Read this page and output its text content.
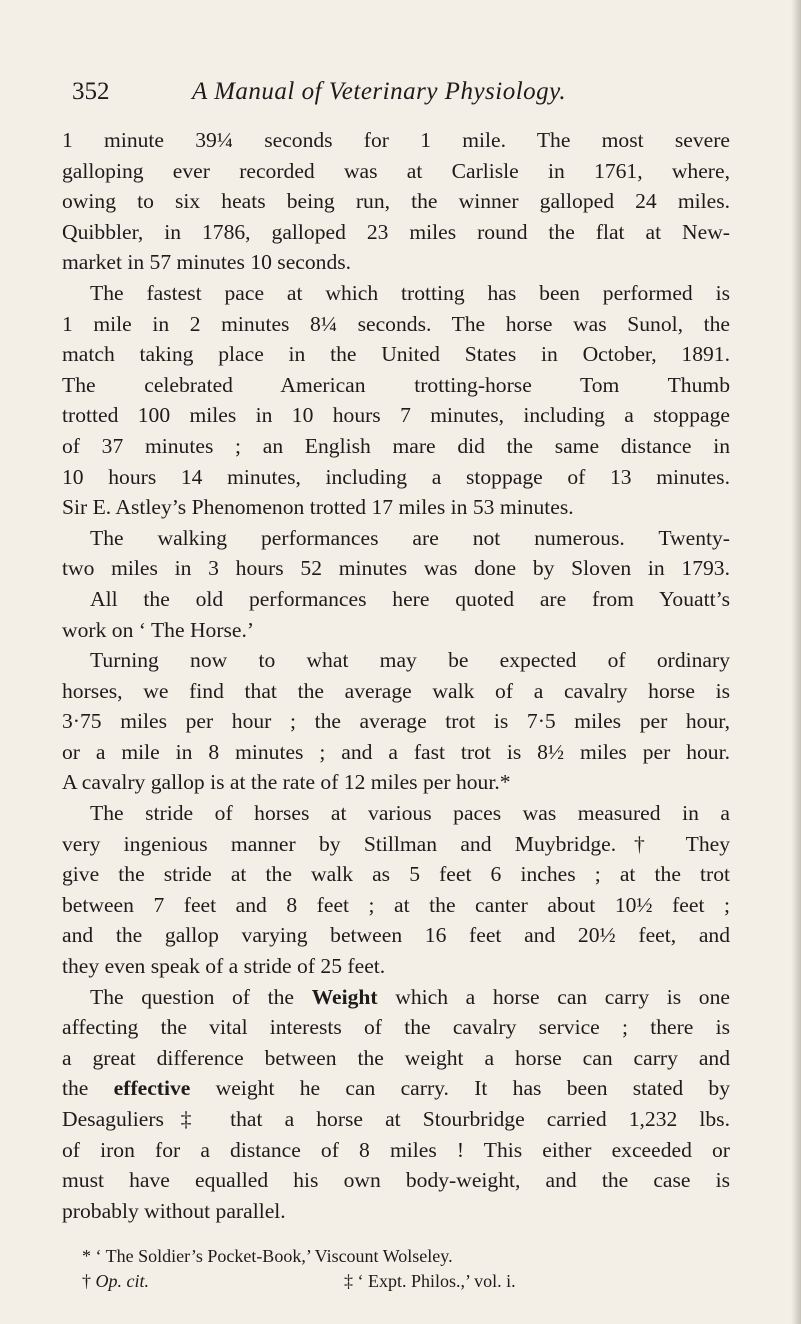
352	A Manual of Veterinary Physiology.
1 minute 39¼ seconds for 1 mile. The most severe
galloping ever recorded was at Carlisle in 1761, where,
owing to six heats being run, the winner galloped 24 miles.
Quibbler, in 1786, galloped 23 miles round the flat at New-
market in 57 minutes 10 seconds.
The fastest pace at which trotting has been performed is
1 mile in 2 minutes 8¼ seconds. The horse was Sunol, the
match taking place in the United States in October, 1891.
The celebrated American trotting-horse Tom Thumb
trotted 100 miles in 10 hours 7 minutes, including a stoppage
of 37 minutes ; an English mare did the same distance in
10 hours 14 minutes, including a stoppage of 13 minutes.
Sir E. Astley’s Phenomenon trotted 17 miles in 53 minutes.
The walking performances are not numerous. Twenty-
two miles in 3 hours 52 minutes was done by Sloven in 1793.
All the old performances here quoted are from Youatt’s
work on ‘ The Horse.’
Turning now to what may be expected of ordinary
horses, we find that the average walk of a cavalry horse is
3·75 miles per hour ; the average trot is 7·5 miles per hour,
or a mile in 8 minutes ; and a fast trot is 8½ miles per hour.
A cavalry gallop is at the rate of 12 miles per hour.*
The stride of horses at various paces was measured in a
very ingenious manner by Stillman and Muybridge.† They
give the stride at the walk as 5 feet 6 inches ; at the trot
between 7 feet and 8 feet ; at the canter about 10½ feet ;
and the gallop varying between 16 feet and 20½ feet, and
they even speak of a stride of 25 feet.
The question of the Weight which a horse can carry is one
affecting the vital interests of the cavalry service ; there is
a great difference between the weight a horse can carry and
the effective weight he can carry. It has been stated by
Desaguliers‡ that a horse at Stourbridge carried 1,232 lbs.
of iron for a distance of 8 miles ! This either exceeded or
must have equalled his own body-weight, and the case is
probably without parallel.
* ‘ The Soldier’s Pocket-Book,’ Viscount Wolseley.
† Op. cit.	‡ ‘ Expt. Philos.,’ vol. i.
